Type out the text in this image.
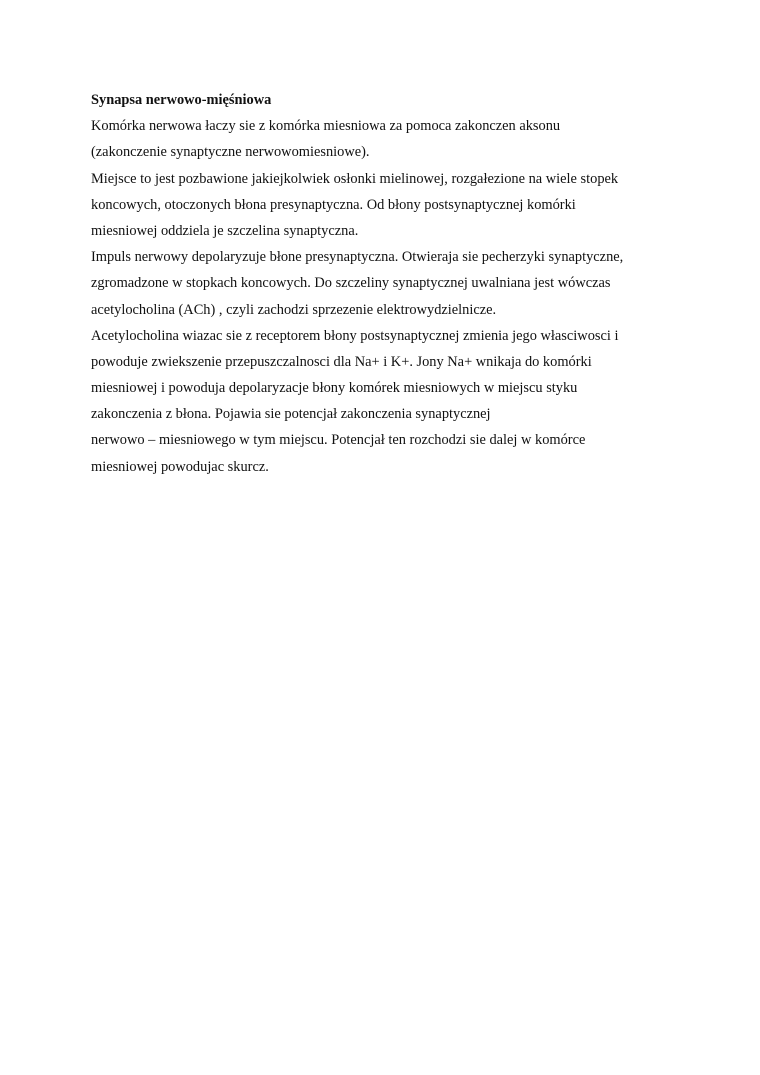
Synapsa nerwowo-mięśniowa
Komórka nerwowa łaczy sie z komórka miesniowa za pomoca zakonczen aksonu
(zakonczenie synaptyczne nerwowomiesniowe).
Miejsce to jest pozbawione jakiejkolwiek osłonki mielinowej, rozgałezione na wiele stopek
koncowych, otoczonych błona presynaptyczna. Od błony postsynaptycznej komórki
miesniowej oddziela je szczelina synaptyczna.
Impuls nerwowy depolaryzuje błone presynaptyczna. Otwieraja sie pecherzyki synaptyczne,
zgromadzone w stopkach koncowych. Do szczeliny synaptycznej uwalniana jest wówczas
acetylocholina (ACh) , czyli zachodzi sprzezenie elektrowydzielnicze.
Acetylocholina wiazac sie z receptorem błony postsynaptycznej zmienia jego własciwosci i
powoduje zwiekszenie przepuszczalnosci dla Na+ i K+. Jony Na+ wnikaja do komórki
miesniowej i powoduja depolaryzacje błony komórek miesniowych w miejscu styku
zakonczenia z błona. Pojawia sie potencjał zakonczenia synaptycznej
nerwowo – miesniowego w tym miejscu. Potencjał ten rozchodzi sie dalej w komórce
miesniowej powodujac skurcz.
